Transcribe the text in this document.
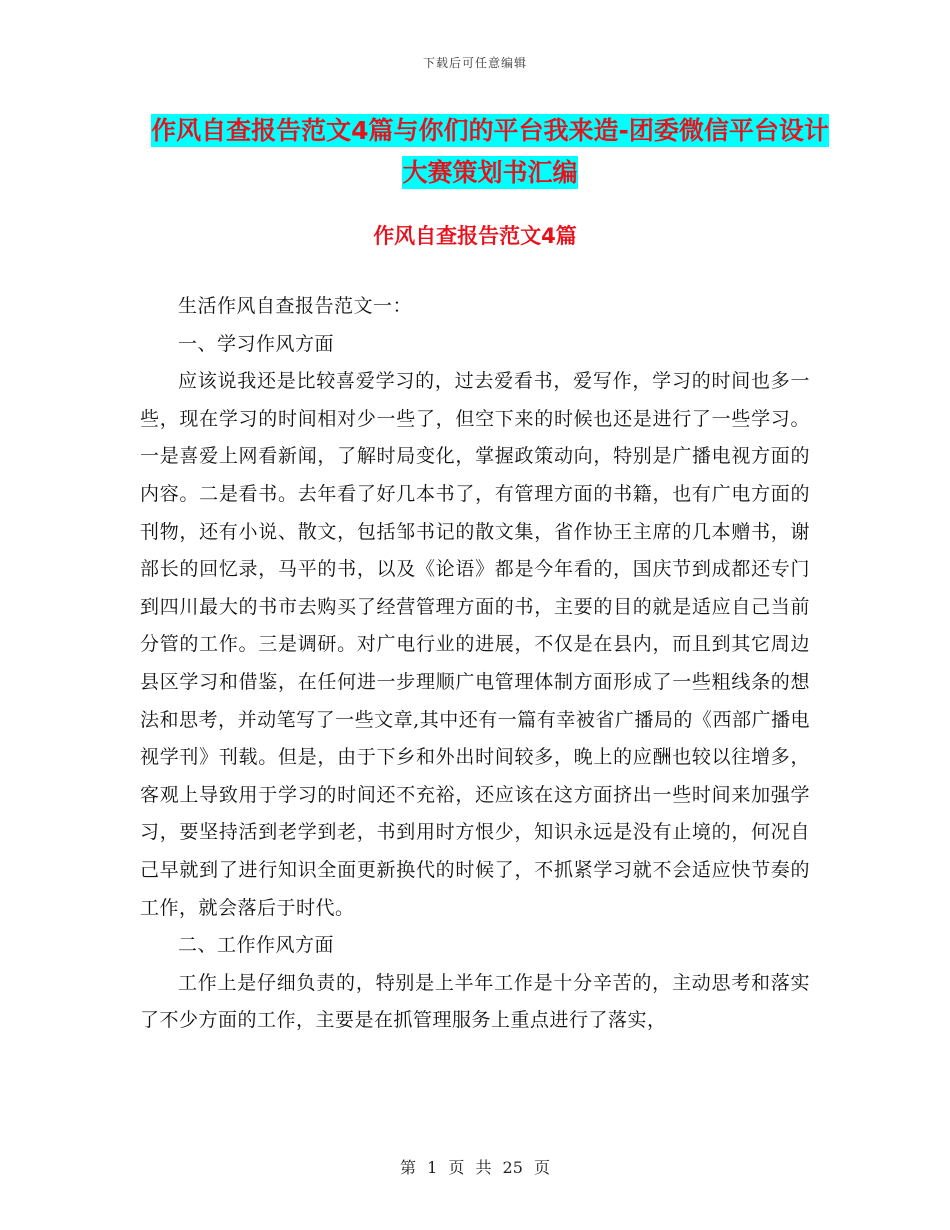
下载后可任意编辑
作风自查报告范文4篇与你们的平台我来造-团委微信平台设计大赛策划书汇编
作风自查报告范文4篇

生活作风自查报告范文一：

一、学习作风方面

应该说我还是比较喜爱学习的，过去爱看书，爱写作，学习的时间也多一些，现在学习的时间相对少一些了，但空下来的时候也还是进行了一些学习。一是喜爱上网看新闻，了解时局变化，掌握政策动向，特别是广播电视方面的内容。二是看书。去年看了好几本书了，有管理方面的书籍，也有广电方面的刊物，还有小说、散文，包括邹书记的散文集，省作协王主席的几本赠书，谢部长的回忆录，马平的书，以及《论语》都是今年看的，国庆节到成都还专门到四川最大的书市去购买了经营管理方面的书，主要的目的就是适应自己当前分管的工作。三是调研。对广电行业的进展，不仅是在县内，而且到其它周边县区学习和借鉴，在任何进一步理顺广电管理体制方面形成了一些粗线条的想法和思考，并动笔写了一些文章,其中还有一篇有幸被省广播局的《西部广播电视学刊》刊载。但是，由于下乡和外出时间较多，晚上的应酬也较以往增多，客观上导致用于学习的时间还不充裕，还应该在这方面挤出一些时间来加强学习，要坚持活到老学到老，书到用时方恨少，知识永远是没有止境的，何况自己早就到了进行知识全面更新换代的时候了，不抓紧学习就不会适应快节奏的工作，就会落后于时代。

二、工作作风方面

工作上是仔细负责的，特别是上半年工作是十分辛苦的，主动思考和落实了不少方面的工作，主要是在抓管理服务上重点进行了落实，

第 1 页 共 25 页
